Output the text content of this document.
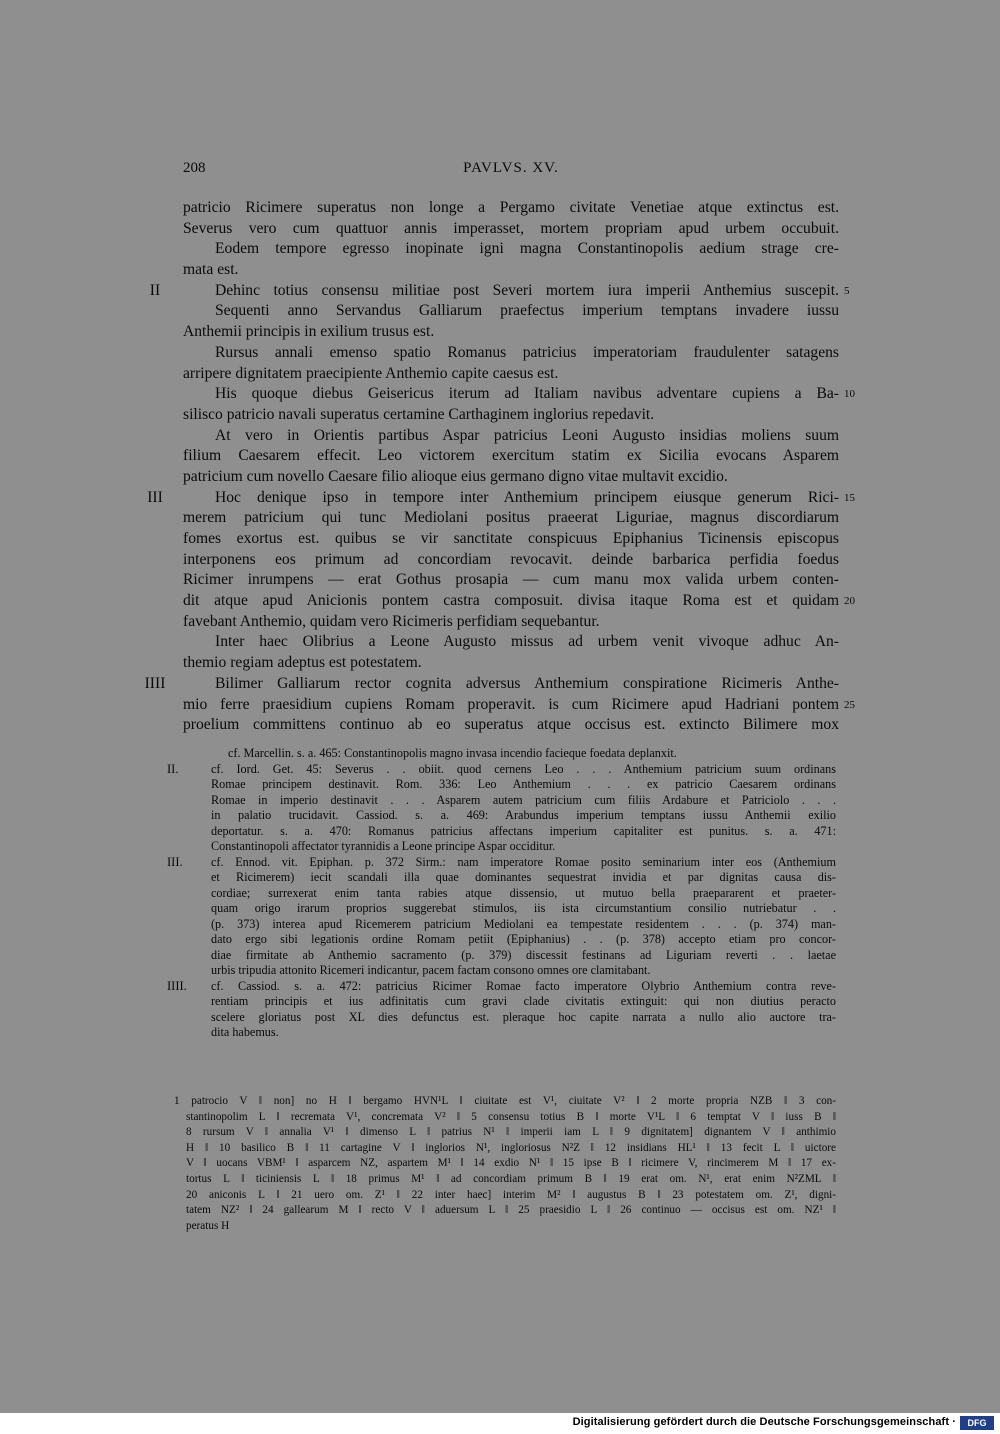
208	PAVLVS. XV.
patricio Ricimere superatus non longe a Pergamo civitate Venetiae atque extinctus est.
Severus vero cum quattuor annis imperasset, mortem propriam apud urbem occubuit.
Eodem tempore egresso inopinate igni magna Constantinopolis aedium strage cre-
mata est.
II	Dehinc totius consensu militiae post Severi mortem iura imperii Anthemius suscepit. 5
Sequenti anno Servandus Galliarum praefectus imperium temptans invadere iussu
Anthemii principis in exilium trusus est.
Rursus annali emenso spatio Romanus patricius imperatoriam fraudulenter satagens
arripere dignitatem praecipiente Anthemio capite caesus est.
His quoque diebus Geisericus iterum ad Italiam navibus adventare cupiens a Ba- 10
silisco patricio navali superatus certamine Carthaginem inglorius repedavit.
At vero in Orientis partibus Aspar patricius Leoni Augusto insidias moliens suum
filium Caesarem effecit. Leo victorem exercitum statim ex Sicilia evocans Asparem
patricium cum novello Caesare filio alioque eius germano digno vitae multavit excidio.
III	Hoc denique ipso in tempore inter Anthemium principem eiusque generum Rici- 15
merem patricium qui tunc Mediolani positus praeerat Liguriae, magnus discordiarum
fomes exortus est. quibus se vir sanctitate conspicuus Epiphanius Ticinensis episcopus
interponens eos primum ad concordiam revocavit. deinde barbarica perfidia foedus
Ricimer inrumpens — erat Gothus prosapia — cum manu mox valida urbem conten-
dit atque apud Anicionis pontem castra composuit. divisa itaque Roma est et quidam 20
favebant Anthemio, quidam vero Ricimeris perfidiam sequebantur.
Inter haec Olibrius a Leone Augusto missus ad urbem venit vivoque adhuc An-
themio regiam adeptus est potestatem.
IIII	Bilimer Galliarum rector cognita adversus Anthemium conspiratione Ricimeris Anthe-
mio ferre praesidium cupiens Romam properavit. is cum Ricimere apud Hadriani pontem 25
proelium committens continuo ab eo superatus atque occisus est. extincto Bilimere mox
cf. Marcellin. s. a. 465: Constantinopolis magno invasa incendio facieque foedata deplanxit.
II.	cf. Iord. Get. 45: Severus . . obiit. quod cernens Leo . . . Anthemium patricium suum ordinans
Romae principem destinavit. Rom. 336: Leo Anthemium . . . ex patricio Caesarem ordinans
Romae in imperio destinavit . . . Asparem autem patricium cum filiis Ardabure et Patriciolo . . .
in palatio trucidavit. Cassiod. s. a. 469: Arabundus imperium temptans iussu Anthemii exilio
deportatur. s. a. 470: Romanus patricius affectans imperium capitaliter est punitus. s. a. 471:
Constantinopoli affectator tyrannidis a Leone principe Aspar occiditur.
III.	cf. Ennod. vit. Epiphan. p. 372 Sirm.: nam imperatore Romae posito seminarium inter eos (Anthemium
et Ricimerem) iecit scandali illa quae dominantes sequestrat invidia et par dignitas causa dis-
cordiae; surrexerat enim tanta rabies atque dissensio, ut mutuo bella praepararent et praeter-
quam origo irarum proprios suggerebat stimulos, iis ista circumstantium consilio nutriebatur . .
(p. 373) interea apud Ricemerem patricium Mediolani ea tempestate residentem . . . (p. 374) man-
dato ergo sibi legationis ordine Romam petiit (Epiphanius) . . (p. 378) accepto etiam pro concor-
diae firmitate ab Anthemio sacramento (p. 379) discessit festinans ad Liguriam reverti . . laetae
urbis tripudia attonito Ricemeri indicantur, pacem factam consono omnes ore clamitabant.
IIII.	cf. Cassiod. s. a. 472: patricius Ricimer Romae facto imperatore Olybrio Anthemium contra reve-
rentiam principis et ius adfinitatis cum gravi clade civitatis extinguit: qui non diutius peracto
scelere gloriatus post XL dies defunctus est. pleraque hoc capite narrata a nullo alio auctore tra-
dita habemus.
1 patrocio V ‖ non] no H ‖ bergamo HVN¹L ‖ ciuitate est V¹, ciuitate V² ‖ 2 morte propria NZB ‖ 3 con-
stantinopolim L ‖ recremata V¹, concremata V² ‖ 5 consensu totius B ‖ morte V¹L ‖ 6 temptat V ‖ iuss B ‖
8 rursum V ‖ annalia V¹ ‖ dimenso L ‖ patrius N¹ ‖ imperii iam L ‖ 9 dignitatem] dignantem V ‖ anthimio
H ‖ 10 basilico B ‖ 11 cartagine V ‖ inglorios N¹, ingloriosus N²Z ‖ 12 insidians HL¹ ‖ 13 fecit L ‖ uictore
V ‖ uocans VBM¹ ‖ asparcem NZ, aspartem M¹ ‖ 14 exdio N¹ ‖ 15 ipse B ‖ ricimere V, rincimerem M ‖ 17 ex-
tortus L ‖ ticiniensis L ‖ 18 primus M¹ ‖ ad concordiam primum B ‖ 19 erat om. N¹, erat enim N²ZML ‖
20 aniconis L ‖ 21 uero om. Z¹ ‖ 22 inter haec] interim M² ‖ augustus B ‖ 23 potestatem om. Z¹, digni-
tatem NZ² ‖ 24 gallearum M ‖ recto V ‖ aduersum L ‖ 25 praesidio L ‖ 26 continuo — occisus est om. NZ¹ ‖
peratus H
Digitalisierung gefördert durch die Deutsche Forschungsgemeinschaft ·	DFG
